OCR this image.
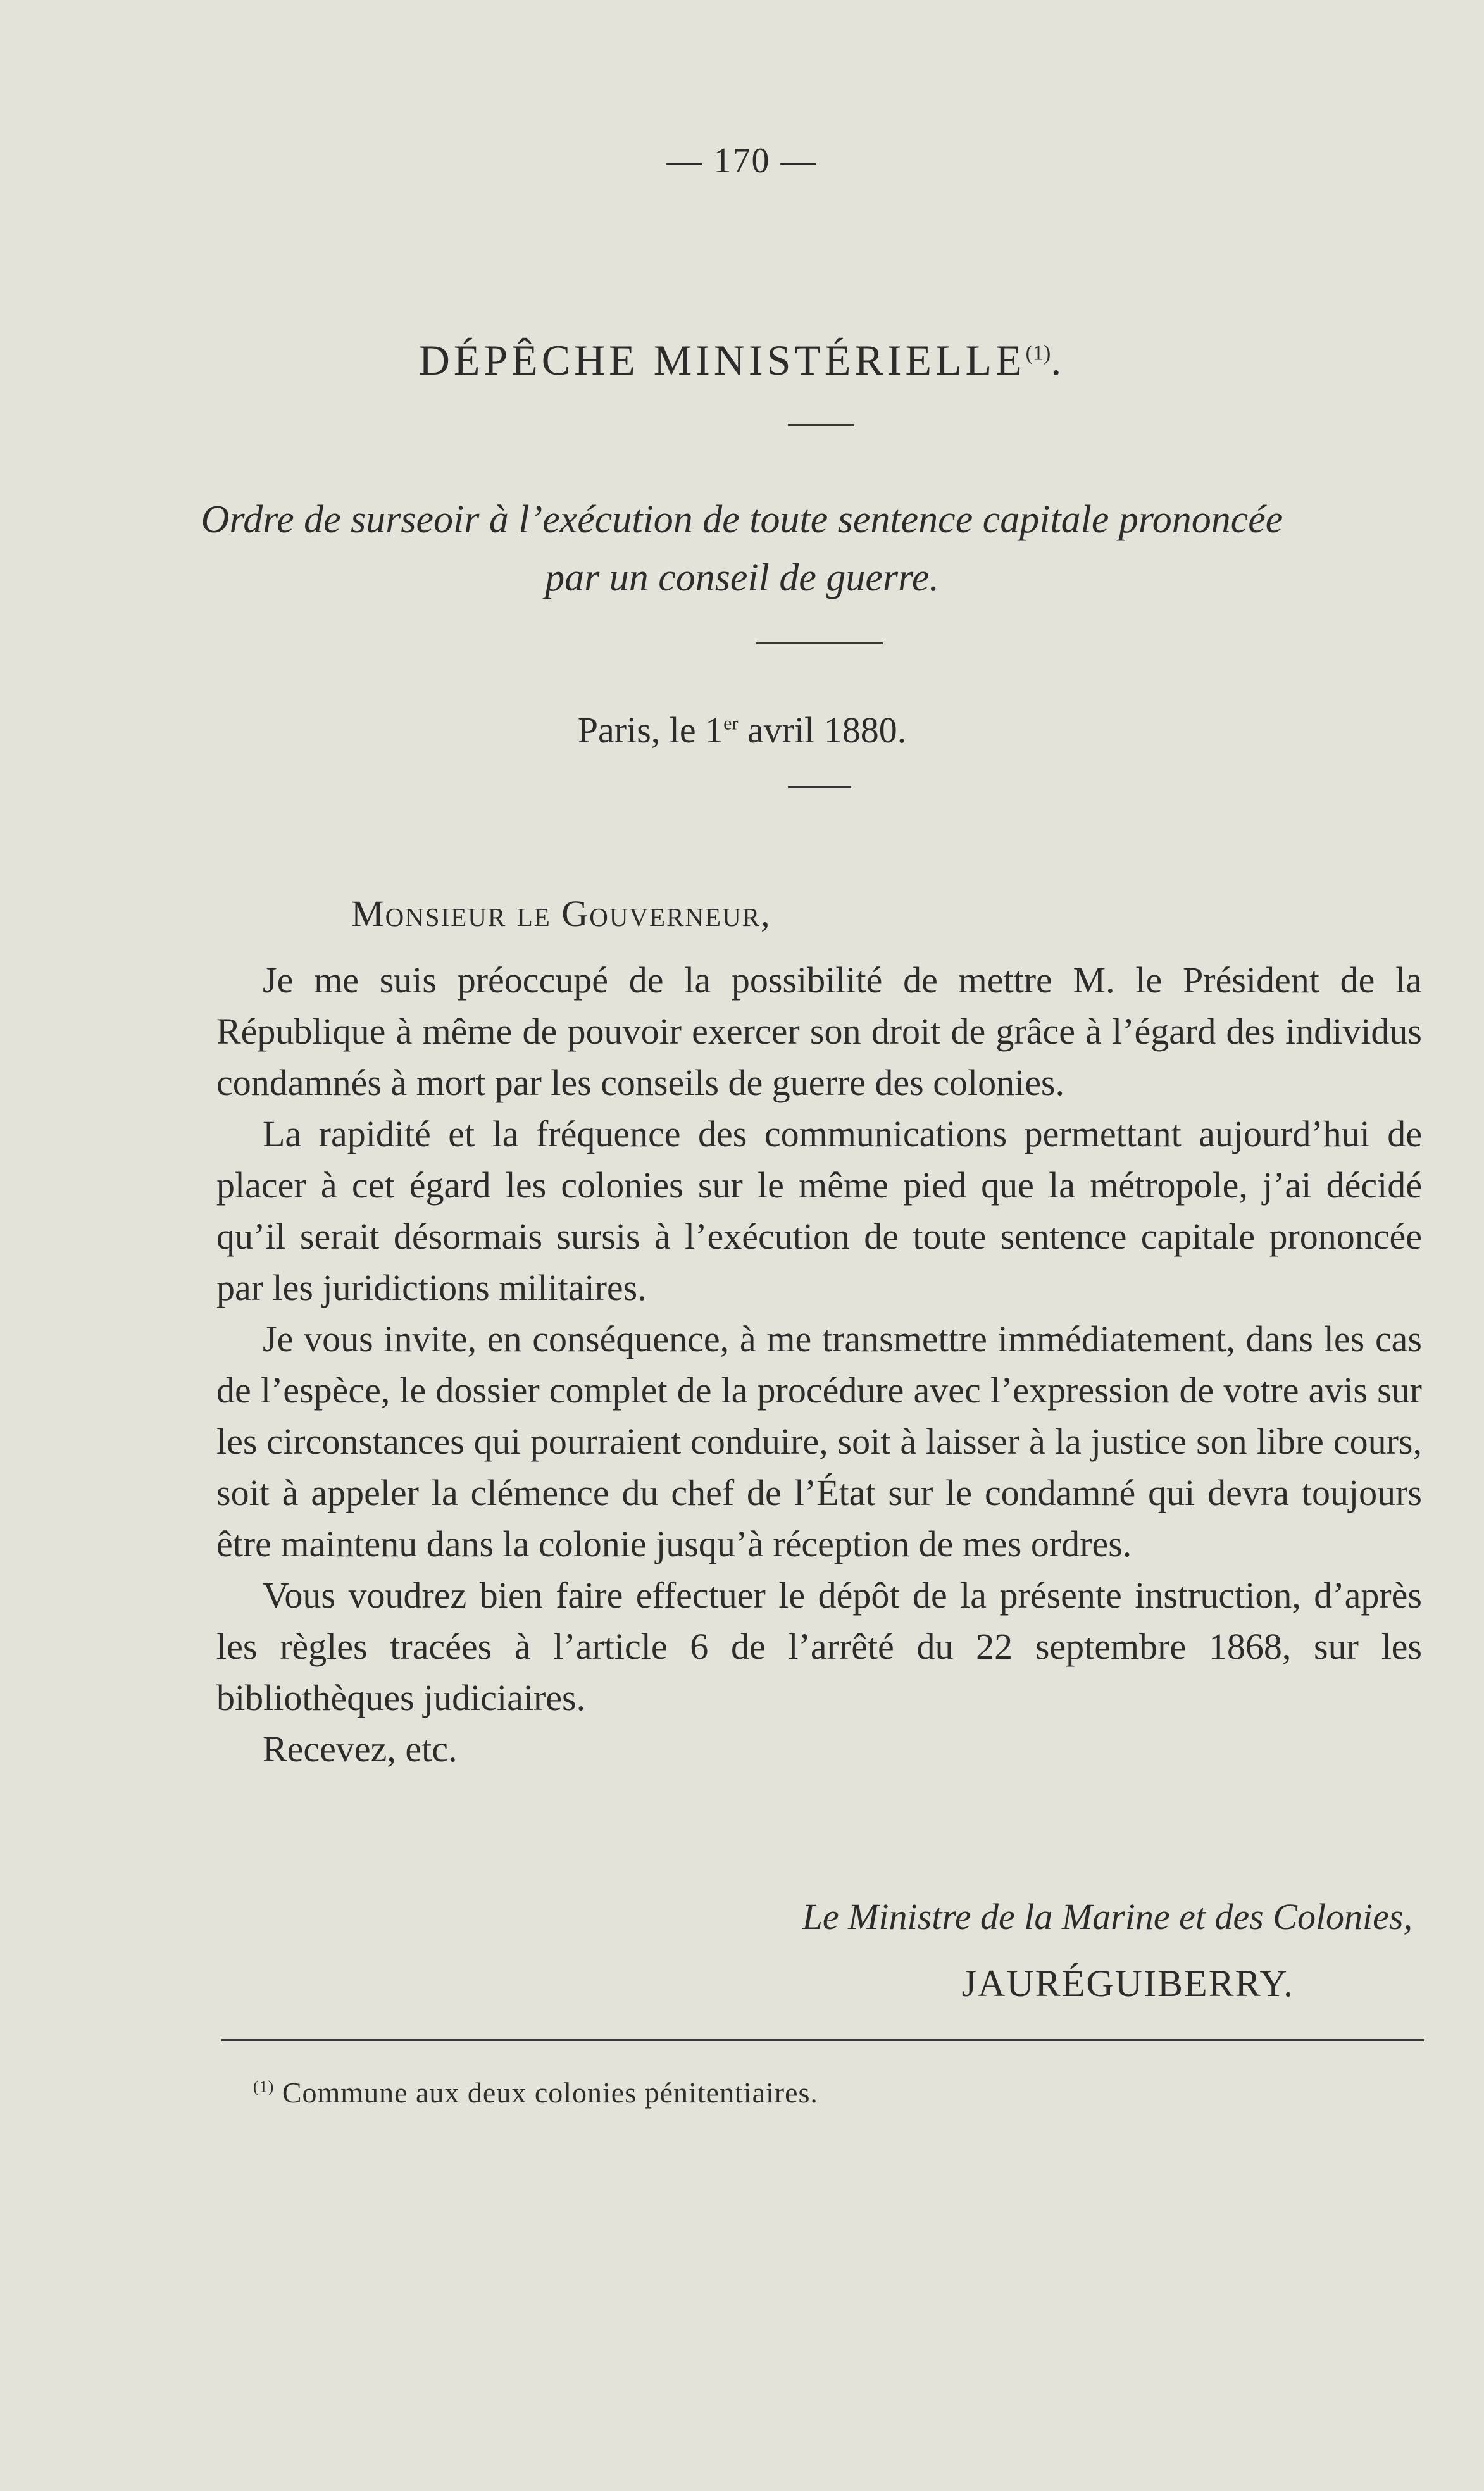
— 170 —
DÉPÊCHE MINISTÉRIELLE$^{(1)}$.
Ordre de surseoir à l’exécution de toute sentence capitale prononcée par un conseil de guerre.
Paris, le 1er avril 1880.
Monsieur le Gouverneur,

Je me suis préoccupé de la possibilité de mettre M. le Président de la République à même de pouvoir exercer son droit de grâce à l’égard des individus condamnés à mort par les conseils de guerre des colonies.

La rapidité et la fréquence des communications permettant aujourd’hui de placer à cet égard les colonies sur le même pied que la métropole, j’ai décidé qu’il serait désormais sursis à l’exécution de toute sentence capitale prononcée par les juridictions militaires.

Je vous invite, en conséquence, à me transmettre immédiatement, dans les cas de l’espèce, le dossier complet de la procédure avec l’expression de votre avis sur les circonstances qui pourraient conduire, soit à laisser à la justice son libre cours, soit à appeler la clémence du chef de l’État sur le condamné qui devra toujours être maintenu dans la colonie jusqu’à réception de mes ordres.

Vous voudrez bien faire effectuer le dépôt de la présente instruction, d’après les règles tracées à l’article 6 de l’arrêté du 22 septembre 1868, sur les bibliothèques judiciaires.

Recevez, etc.

Le Ministre de la Marine et des Colonies,
JAURÉGUIBERRY.
$^{(1)}$ Commune aux deux colonies pénitentiaires.
